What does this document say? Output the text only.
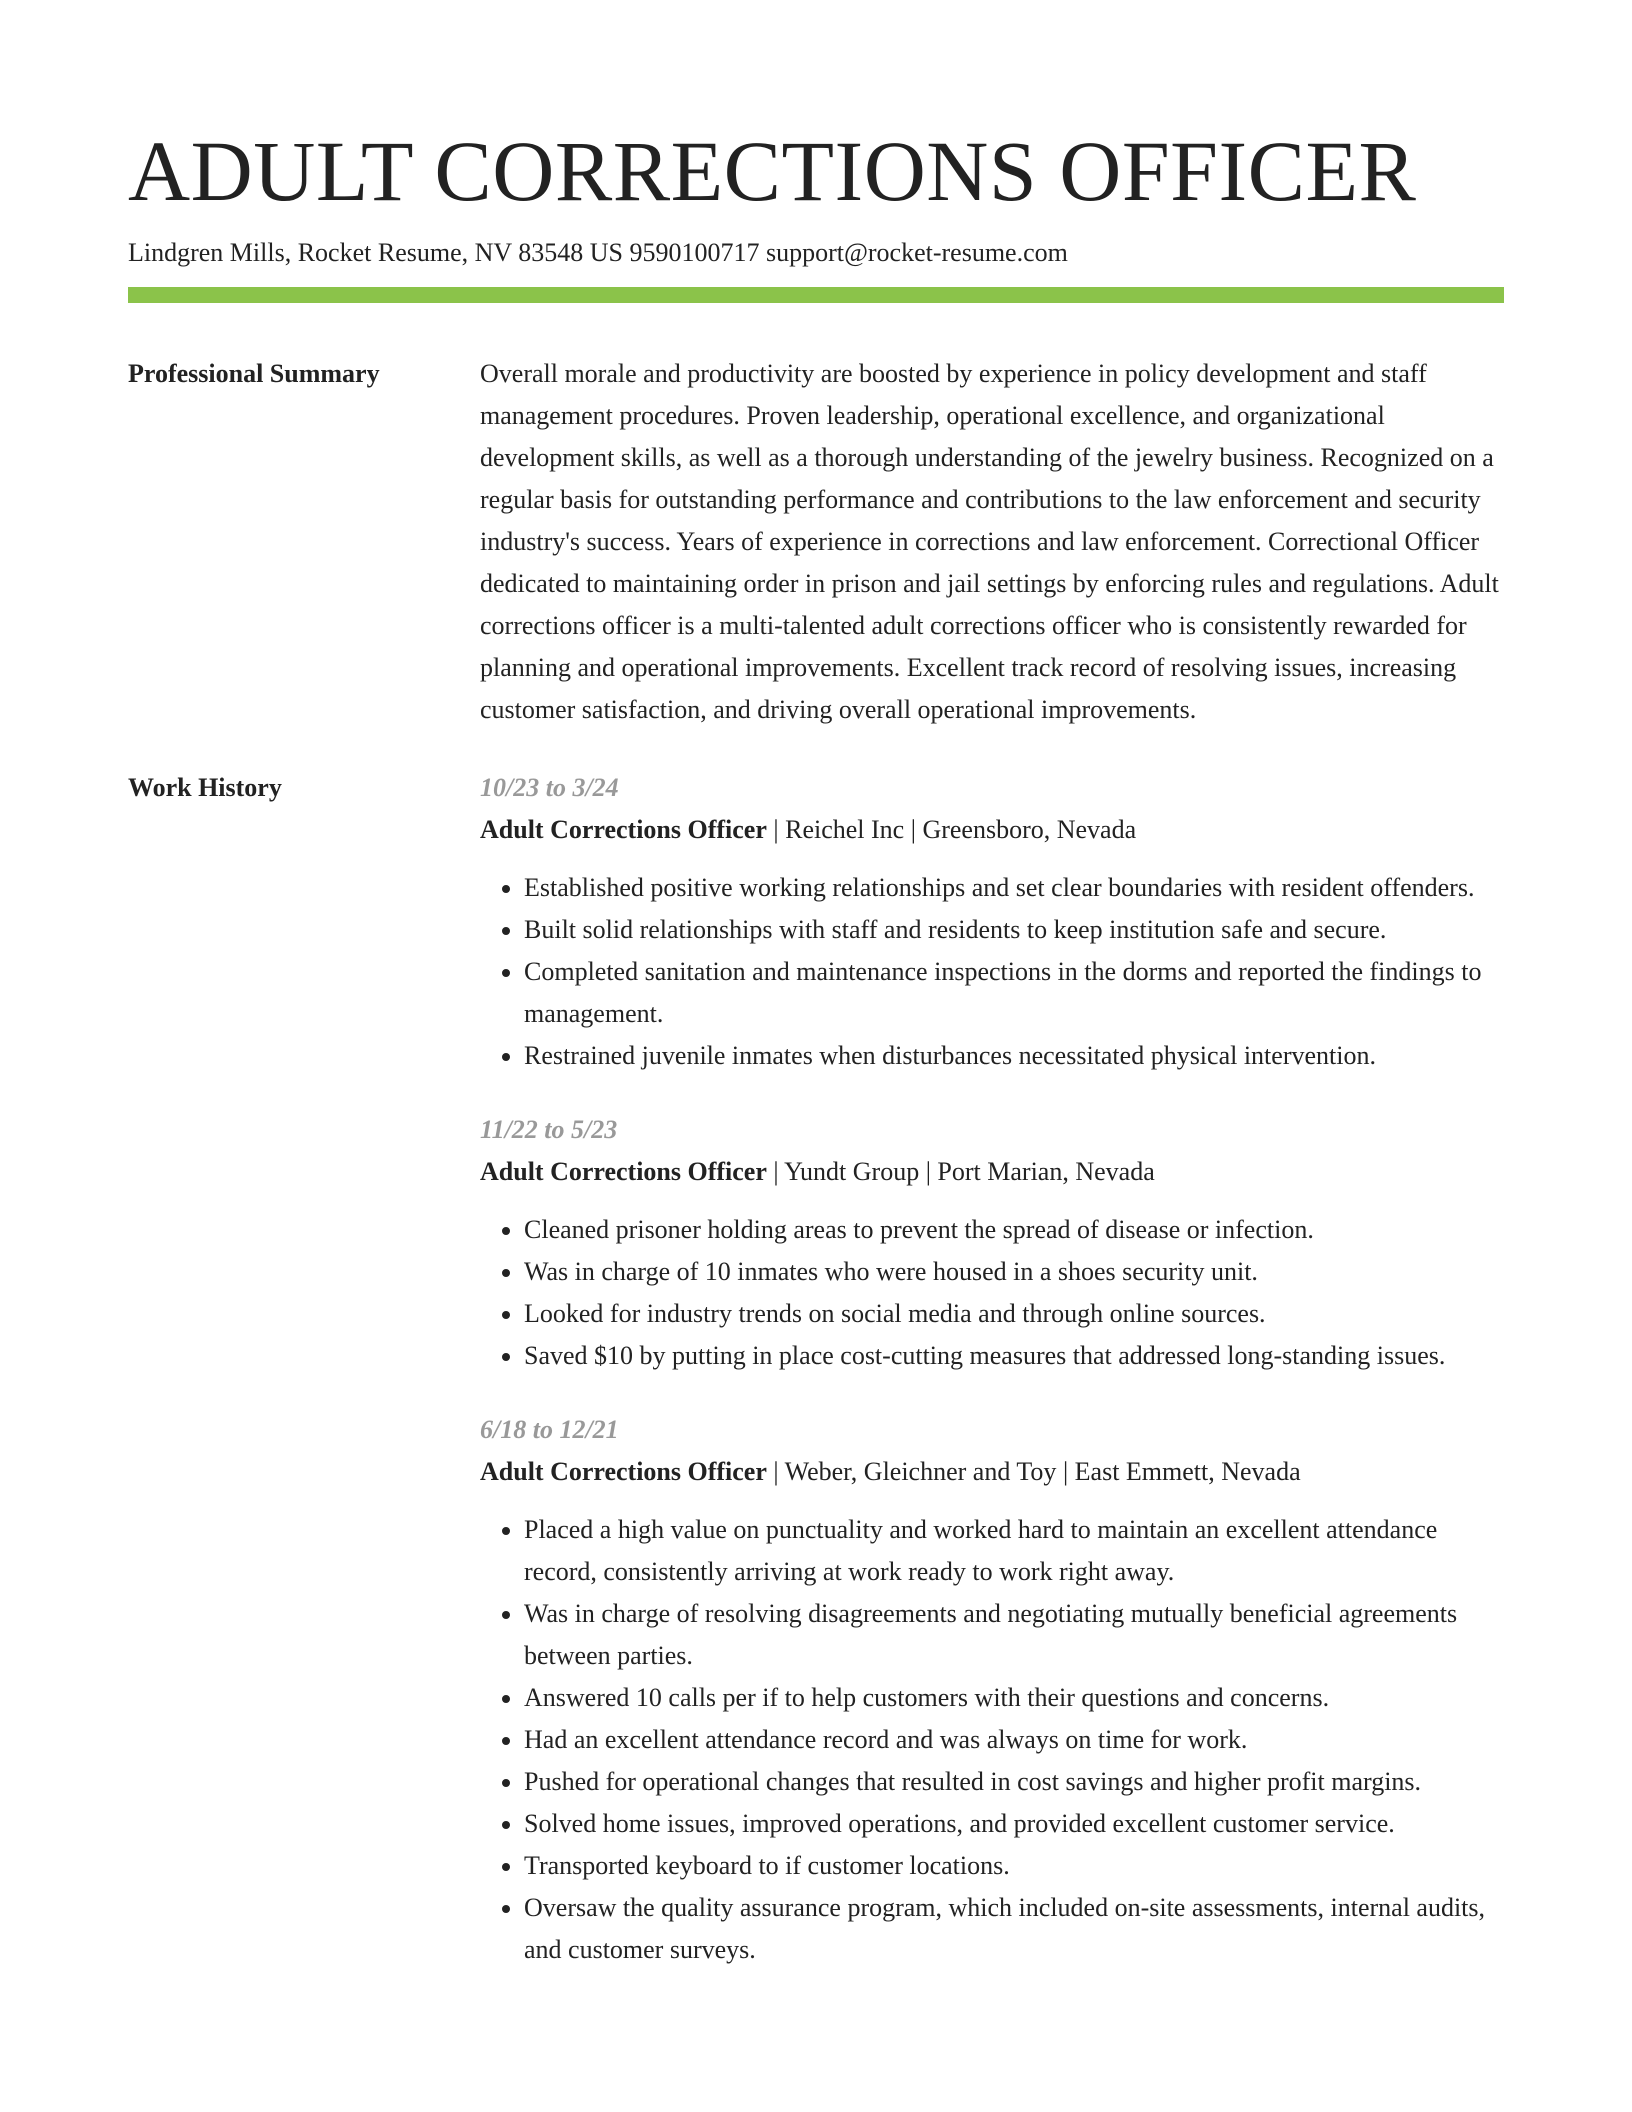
ADULT CORRECTIONS OFFICER
Lindgren Mills, Rocket Resume, NV 83548 US 9590100717 support@rocket-resume.com
Professional Summary	Overall morale and productivity are boosted by experience in policy development and staff management procedures. Proven leadership, operational excellence, and organizational development skills, as well as a thorough understanding of the jewelry business. Recognized on a regular basis for outstanding performance and contributions to the law enforcement and security industry's success. Years of experience in corrections and law enforcement. Correctional Officer dedicated to maintaining order in prison and jail settings by enforcing rules and regulations. Adult corrections officer is a multi-talented adult corrections officer who is consistently rewarded for planning and operational improvements. Excellent track record of resolving issues, increasing customer satisfaction, and driving overall operational improvements.

Work History	10/23 to 3/24
Adult Corrections Officer | Reichel Inc | Greensboro, Nevada
• Established positive working relationships and set clear boundaries with resident offenders.
• Built solid relationships with staff and residents to keep institution safe and secure.
• Completed sanitation and maintenance inspections in the dorms and reported the findings to management.
• Restrained juvenile inmates when disturbances necessitated physical intervention.
11/22 to 5/23
Adult Corrections Officer | Yundt Group | Port Marian, Nevada
• Cleaned prisoner holding areas to prevent the spread of disease or infection.
• Was in charge of 10 inmates who were housed in a shoes security unit.
• Looked for industry trends on social media and through online sources.
• Saved $10 by putting in place cost-cutting measures that addressed long-standing issues.
6/18 to 12/21
Adult Corrections Officer | Weber, Gleichner and Toy | East Emmett, Nevada
• Placed a high value on punctuality and worked hard to maintain an excellent attendance record, consistently arriving at work ready to work right away.
• Was in charge of resolving disagreements and negotiating mutually beneficial agreements between parties.
• Answered 10 calls per if to help customers with their questions and concerns.
• Had an excellent attendance record and was always on time for work.
• Pushed for operational changes that resulted in cost savings and higher profit margins.
• Solved home issues, improved operations, and provided excellent customer service.
• Transported keyboard to if customer locations.
• Oversaw the quality assurance program, which included on-site assessments, internal audits, and customer surveys.
